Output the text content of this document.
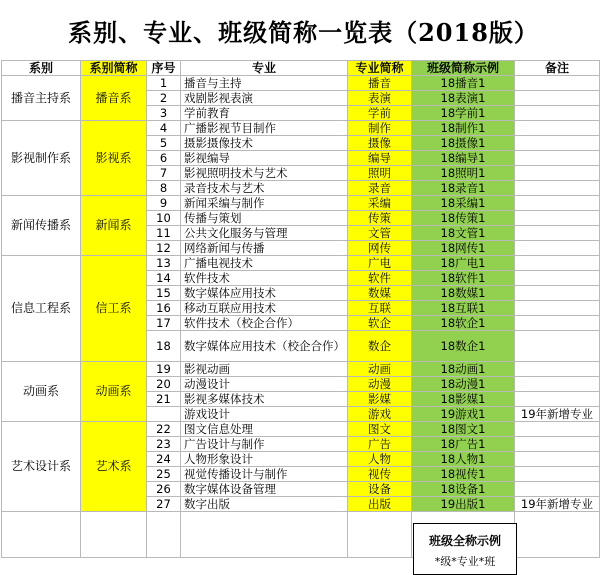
系别、专业、班级简称一览表（2018版）
系别	系别简称	序号	专业	专业简称	班级简称示例	备注
播音主持系	播音系	1	播音与主持	播音	18播音1	
		2	戏剧影视表演	表演	18表演1	
		3	学前教育	学前	18学前1	
影视制作系	影视系	4	广播影视节目制作	制作	18制作1	
		5	摄影摄像技术	摄像	18摄像1	
		6	影视编导	编导	18编导1	
		7	影视照明技术与艺术	照明	18照明1	
		8	录音技术与艺术	录音	18录音1	
新闻传播系	新闻系	9	新闻采编与制作	采编	18采编1	
		10	传播与策划	传策	18传策1	
		11	公共文化服务与管理	文管	18文管1	
		12	网络新闻与传播	网传	18网传1	
信息工程系	信工系	13	广播电视技术	广电	18广电1	
		14	软件技术	软件	18软件1	
		15	数字媒体应用技术	数媒	18数媒1	
		16	移动互联应用技术	互联	18互联1	
		17	软件技术（校企合作）	软企	18软企1	
		18	数字媒体应用技术（校企合作）	数企	18数企1	
动画系	动画系	19	影视动画	动画	18动画1	
		20	动漫设计	动漫	18动漫1	
		21	影视多媒体技术	影媒	18影媒1	
			游戏设计	游戏	19游戏1	19年新增专业
艺术设计系	艺术系	22	图文信息处理	图文	18图文1	
		23	广告设计与制作	广告	18广告1	
		24	人物形象设计	人物	18人物1	
		25	视觉传播设计与制作	视传	18视传1	
		26	数字媒体设备管理	设备	18设备1	
		27	数字出版	出版	19出版1	19年新增专业

班级全称示例
*级*专业*班
